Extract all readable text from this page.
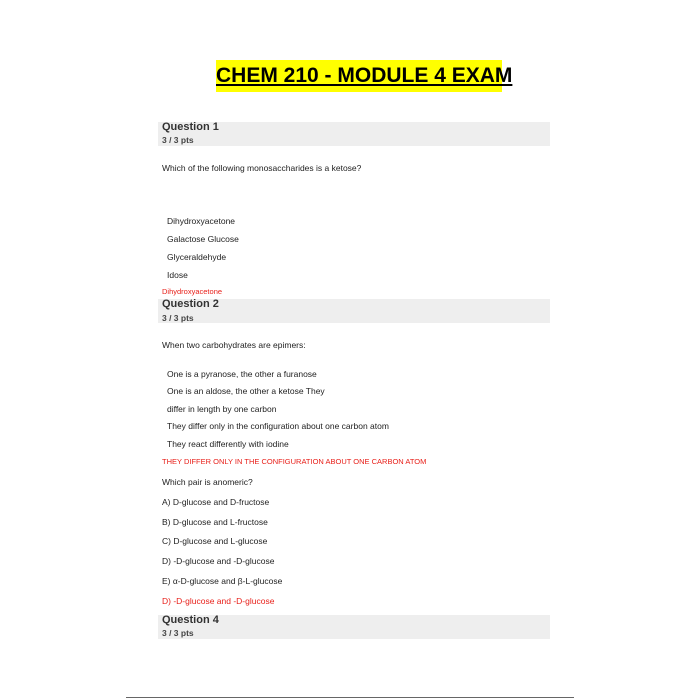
CHEM 210 - MODULE 4 EXAM
Question 1
3 / 3 pts
Which of the following monosaccharides is a ketose?
Dihydroxyacetone
Galactose Glucose
Glyceraldehyde
Idose
Dihydroxyacetone
Question 2
3 / 3 pts
When two carbohydrates are epimers:
One is a pyranose, the other a furanose
One is an aldose, the other a ketose They
differ in length by one carbon
They differ only in the configuration about one carbon atom
They react differently with iodine
THEY DIFFER ONLY IN THE CONFIGURATION ABOUT ONE CARBON ATOM
Which pair is anomeric?
A) D-glucose and D-fructose
B) D-glucose and L-fructose
C) D-glucose and L-glucose
D) -D-glucose and -D-glucose
E) α-D-glucose and β-L-glucose
D) -D-glucose and -D-glucose
Question 4
3 / 3 pts
